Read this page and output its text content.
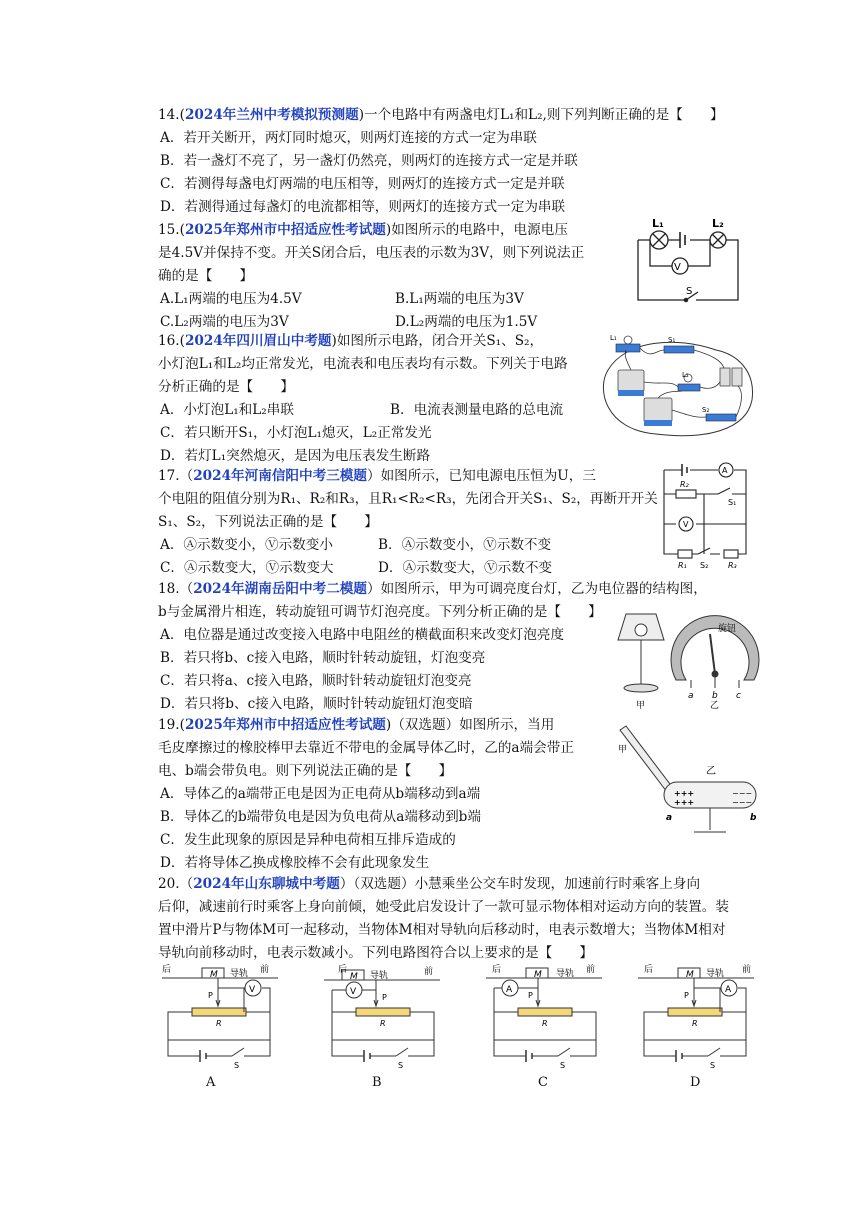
14.(2024年兰州中考模拟预测题)一个电路中有两盏电灯L₁和L₂,则下列判断正确的是【　　】
A．若开关断开，两灯同时熄灭，则两灯连接的方式一定为串联
B．若一盏灯不亮了，另一盏灯仍然亮，则两灯的连接方式一定是并联
C．若测得每盏电灯两端的电压相等，则两灯的连接方式一定是并联
D．若测得通过每盏灯的电流都相等，则两灯的连接方式一定为串联
15.(2025年郑州市中招适应性考试题)如图所示的电路中，电源电压
是4.5V并保持不变。开关S闭合后，电压表的示数为3V，则下列说法正
确的是【　　】
A.L₁两端的电压为4.5V	B.L₁两端的电压为3V
C.L₂两端的电压为3V	D.L₂两端的电压为1.5V
16.(2024年四川眉山中考题)如图所示电路，闭合开关S₁、S₂，
小灯泡L₁和L₂均正常发光，电流表和电压表均有示数。下列关于电路
分析正确的是【　　】
A．小灯泡L₁和L₂串联	B．电流表测量电路的总电流
C．若只断开S₁，小灯泡L₁熄灭，L₂正常发光
D．若灯L₁突然熄灭，是因为电压表发生断路
17.（2024年河南信阳中考三模题）如图所示，已知电源电压恒为U，三
个电阻的阻值分别为R₁、R₂和R₃，且R₁<R₂<R₃，先闭合开关S₁、S₂，再断开开关
S₁、S₂，下列说法正确的是【　　】
A．Ⓐ示数变小，Ⓥ示数变小	B．Ⓐ示数变小，Ⓥ示数不变
C．Ⓐ示数变大，Ⓥ示数变大	D．Ⓐ示数变大，Ⓥ示数不变
18.（2024年湖南岳阳中考二模题）如图所示，甲为可调亮度台灯，乙为电位器的结构图，
b与金属滑片相连，转动旋钮可调节灯泡亮度。下列分析正确的是【　　】
A．电位器是通过改变接入电路中电阻丝的横截面积来改变灯泡亮度
B．若只将b、c接入电路，顺时针转动旋钮，灯泡变亮
C．若只将a、c接入电路，顺时针转动旋钮灯泡变亮
D．若只将b、c接入电路，顺时针转动旋钮灯泡变暗
19.(2025年郑州市中招适应性考试题)（双选题）如图所示，当用
毛皮摩擦过的橡胶棒甲去靠近不带电的金属导体乙时，乙的a端会带正
电、b端会带负电。则下列说法正确的是【　　】
A．导体乙的a端带正电是因为正电荷从b端移动到a端
B．导体乙的b端带负电是因为负电荷从a端移动到b端
C．发生此现象的原因是异种电荷相互排斥造成的
D．若将导体乙换成橡胶棒不会有此现象发生
20.（2024年山东聊城中考题）（双选题）小慧乘坐公交车时发现，加速前行时乘客上身向
后仰，减速前行时乘客上身向前倾，她受此启发设计了一款可显示物体相对运动方向的装置。装
置中滑片P与物体M可一起移动，当物体M相对导轨向后移动时，电表示数增大；当物体M相对
导轨向前移动时，电表示数减小。下列电路图符合以上要求的是【　　】
V
L₁	L₂
S
L₁	S₁
L₂
S₂
A
V
R₂
S₁
R₁ S₂ R₃
旋钮
a b c
甲	乙
甲
乙
+++
+++
−−−
−−−
a	b
后	前
M 导轨
P
R
S
V
后	前
M 导轨
P
R
S
V
后	前
M 导轨
P
R
S
A
后	前
M 导轨
P
R
S
A
A	B	C	D
